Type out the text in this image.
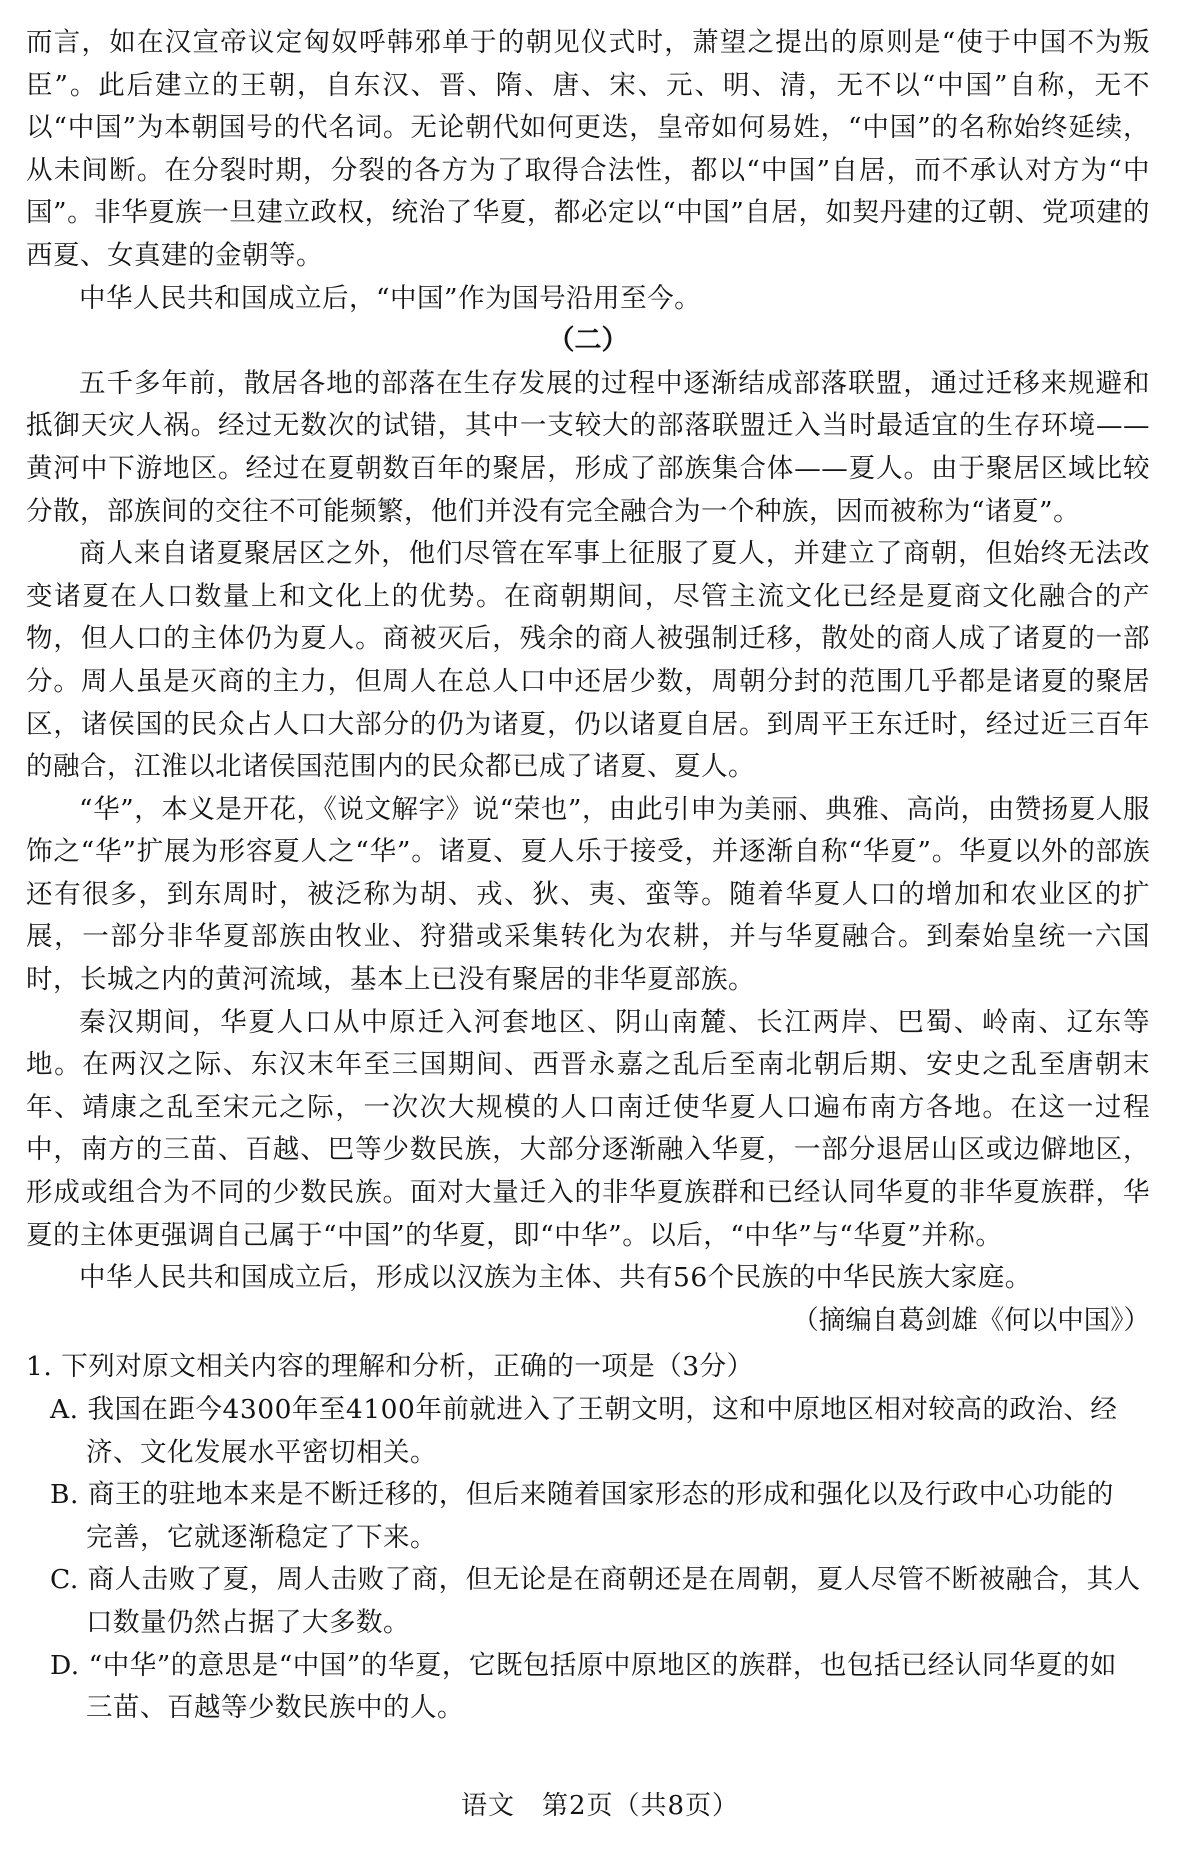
而言，如在汉宣帝议定匈奴呼韩邪单于的朝见仪式时，萧望之提出的原则是“使于中国不为叛臣”。此后建立的王朝，自东汉、晋、隋、唐、宋、元、明、清，无不以“中国”自称，无不以“中国”为本朝国号的代名词。无论朝代如何更迭，皇帝如何易姓，“中国”的名称始终延续，从未间断。在分裂时期，分裂的各方为了取得合法性，都以“中国”自居，而不承认对方为“中国”。非华夏族一旦建立政权，统治了华夏，都必定以“中国”自居，如契丹建的辽朝、党项建的西夏、女真建的金朝等。

中华人民共和国成立后，“中国”作为国号沿用至今。

（二）

五千多年前，散居各地的部落在生存发展的过程中逐渐结成部落联盟，通过迁移来规避和抵御天灾人祸。经过无数次的试错，其中一支较大的部落联盟迁入当时最适宜的生存环境——黄河中下游地区。经过在夏朝数百年的聚居，形成了部族集合体——夏人。由于聚居区域比较分散，部族间的交往不可能频繁，他们并没有完全融合为一个种族，因而被称为“诸夏”。

商人来自诸夏聚居区之外，他们尽管在军事上征服了夏人，并建立了商朝，但始终无法改变诸夏在人口数量上和文化上的优势。在商朝期间，尽管主流文化已经是夏商文化融合的产物，但人口的主体仍为夏人。商被灭后，残余的商人被强制迁移，散处的商人成了诸夏的一部分。周人虽是灭商的主力，但周人在总人口中还居少数，周朝分封的范围几乎都是诸夏的聚居区，诸侯国的民众占人口大部分的仍为诸夏，仍以诸夏自居。到周平王东迁时，经过近三百年的融合，江淮以北诸侯国范围内的民众都已成了诸夏、夏人。

“华”，本义是开花，《说文解字》说“荣也”，由此引申为美丽、典雅、高尚，由赞扬夏人服饰之“华”扩展为形容夏人之“华”。诸夏、夏人乐于接受，并逐渐自称“华夏”。华夏以外的部族还有很多，到东周时，被泛称为胡、戎、狄、夷、蛮等。随着华夏人口的增加和农业区的扩展，一部分非华夏部族由牧业、狩猎或采集转化为农耕，并与华夏融合。到秦始皇统一六国时，长城之内的黄河流域，基本上已没有聚居的非华夏部族。

秦汉期间，华夏人口从中原迁入河套地区、阴山南麓、长江两岸、巴蜀、岭南、辽东等地。在两汉之际、东汉末年至三国期间、西晋永嘉之乱后至南北朝后期、安史之乱至唐朝末年、靖康之乱至宋元之际，一次次大规模的人口南迁使华夏人口遍布南方各地。在这一过程中，南方的三苗、百越、巴等少数民族，大部分逐渐融入华夏，一部分退居山区或边僻地区，形成或组合为不同的少数民族。面对大量迁入的非华夏族群和已经认同华夏的非华夏族群，华夏的主体更强调自己属于“中国”的华夏，即“中华”。以后，“中华”与“华夏”并称。

中华人民共和国成立后，形成以汉族为主体、共有56个民族的中华民族大家庭。

（摘编自葛剑雄《何以中国》）

1. 下列对原文相关内容的理解和分析，正确的一项是（3分）

A. 我国在距今4300年至4100年前就进入了王朝文明，这和中原地区相对较高的政治、经
济、文化发展水平密切相关。
B. 商王的驻地本来是不断迁移的，但后来随着国家形态的形成和强化以及行政中心功能的
完善，它就逐渐稳定了下来。
C. 商人击败了夏，周人击败了商，但无论是在商朝还是在周朝，夏人尽管不断被融合，其人
口数量仍然占据了大多数。
D. “中华”的意思是“中国”的华夏，它既包括原中原地区的族群，也包括已经认同华夏的如
三苗、百越等少数民族中的人。
语文　第2页（共8页）
